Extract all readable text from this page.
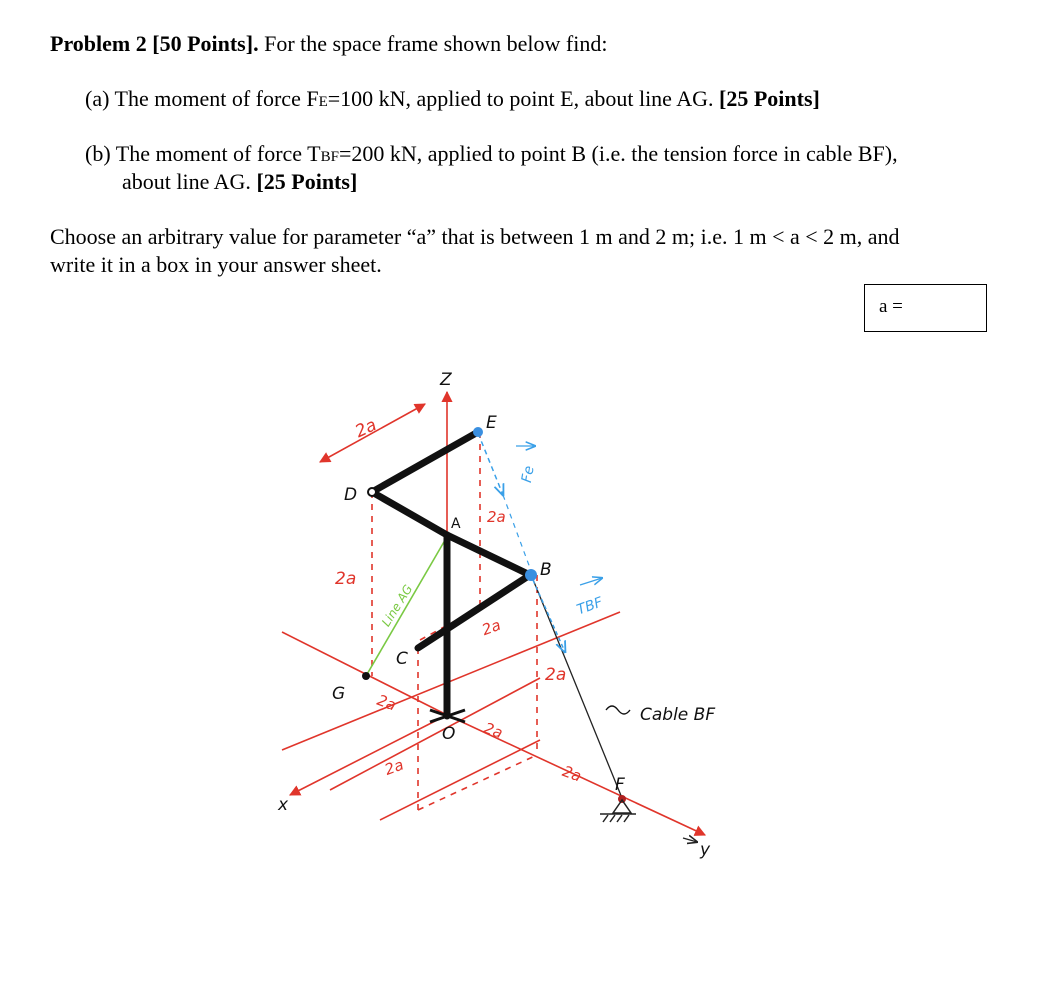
Problem 2 [50 Points]. For the space frame shown below find:
(a) The moment of force FE=100 kN, applied to point E, about line AG. [25 Points]
(b) The moment of force TBF=200 kN, applied to point B (i.e. the tension force in cable BF),
about line AG. [25 Points]
Choose an arbitrary value for parameter “a” that is between 1 m and 2 m; i.e. 1 m < a < 2 m, and
write it in a box in your answer sheet.
a =
Z
x
y
E
D
A
B
C
G
O
F
Fe
TBF
Line AG
Cable BF
2a
2a
2a
2a
2a
2a
2a
2a	2a
